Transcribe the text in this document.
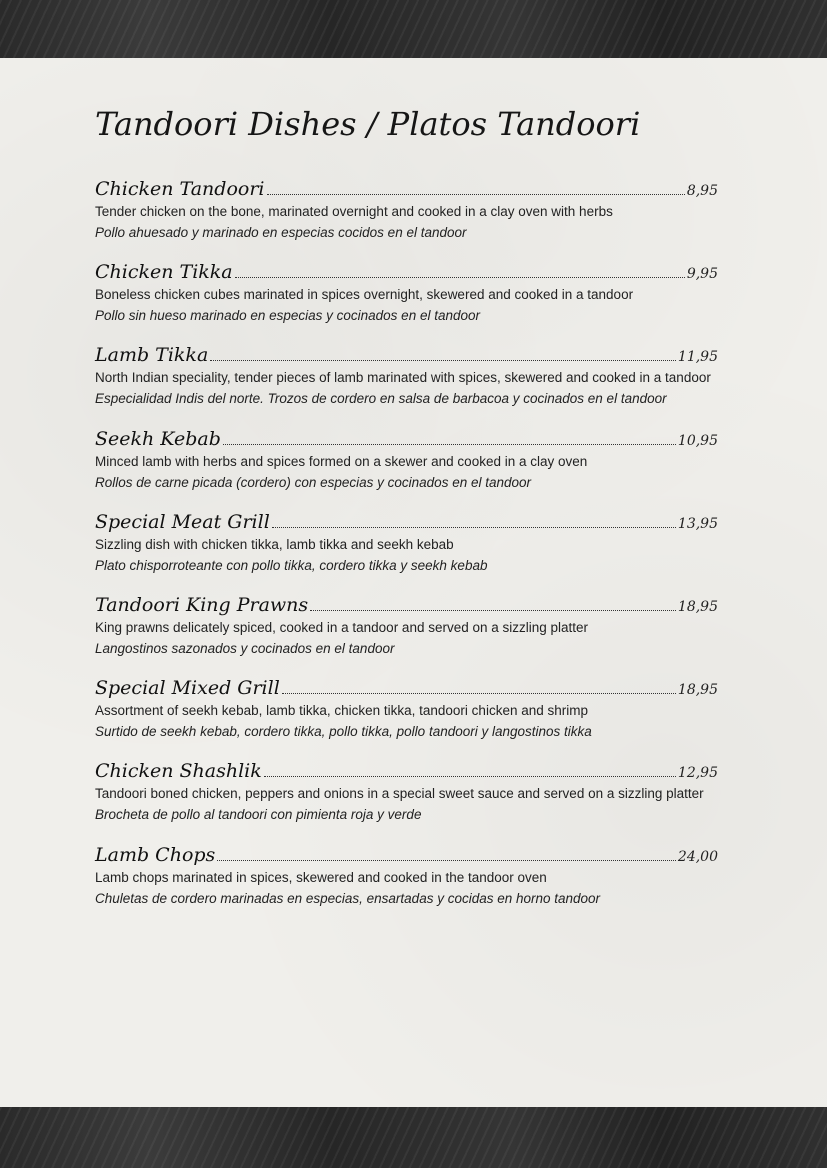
Tandoori Dishes / Platos Tandoori
Chicken Tandoori	8,95
Tender chicken on the bone, marinated overnight and cooked in a clay oven with herbs
Pollo ahuesado y marinado en especias cocidos en el tandoor
Chicken Tikka	9,95
Boneless chicken cubes marinated in spices overnight, skewered and cooked in a tandoor
Pollo sin hueso marinado en especias y cocinados en el tandoor
Lamb Tikka	11,95
North Indian speciality, tender pieces of lamb marinated with spices, skewered and cooked in a tandoor
Especialidad Indis del norte. Trozos de cordero en salsa de barbacoa y cocinados en el tandoor
Seekh Kebab	10,95
Minced lamb with herbs and spices formed on a skewer and cooked in a clay oven
Rollos de carne picada (cordero) con especias y cocinados en el tandoor
Special Meat Grill	13,95
Sizzling dish with chicken tikka, lamb tikka and seekh kebab
Plato chisporroteante con pollo tikka, cordero tikka y seekh kebab
Tandoori King Prawns	18,95
King prawns delicately spiced, cooked in a tandoor and served on a sizzling platter
Langostinos sazonados y cocinados en el tandoor
Special Mixed Grill	18,95
Assortment of seekh kebab, lamb tikka, chicken tikka, tandoori chicken and shrimp
Surtido de seekh kebab, cordero tikka, pollo tikka, pollo tandoori y langostinos tikka
Chicken Shashlik	12,95
Tandoori boned chicken, peppers and onions in a special sweet sauce and served on a sizzling platter
Brocheta de pollo al tandoori con pimienta roja y verde
Lamb Chops	24,00
Lamb chops marinated in spices, skewered and cooked in the tandoor oven
Chuletas de cordero marinadas en especias, ensartadas y cocidas en horno tandoor
